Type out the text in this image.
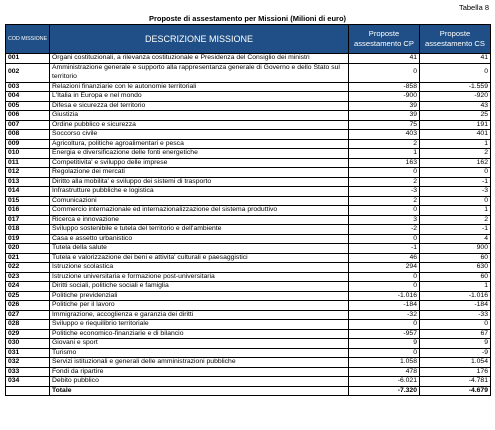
Tabella 8
Proposte di assestamento per Missioni (Milioni di euro)
COD MISSIONE	DESCRIZIONE MISSIONE	Proposte assestamento CP	Proposte assestamento CS
001	Organi costituzionali, a rilevanza costituzionale e Presidenza del Consiglio dei ministri	41	41
002	Amministrazione generale e supporto alla rappresentanza generale di Governo e dello Stato sul territorio	0	0
003	Relazioni finanziarie con le autonomie territoriali	-858	-1.559
004	L'Italia in Europa e nel mondo	-900	-920
005	Difesa e sicurezza del territorio	39	43
006	Giustizia	39	25
007	Ordine pubblico e sicurezza	75	191
008	Soccorso civile	403	401
009	Agricoltura, politiche agroalimentari e pesca	2	1
010	Energia e diversificazione delle fonti energetiche	1	2
011	Competitivita' e sviluppo delle imprese	163	162
012	Regolazione dei mercati	0	0
013	Diritto alla mobilita' e sviluppo dei sistemi di trasporto	2	-1
014	Infrastrutture pubbliche e logistica	-3	-3
015	Comunicazioni	2	0
016	Commercio internazionale ed internazionalizzazione del sistema produttivo	0	1
017	Ricerca e innovazione	3	2
018	Sviluppo sostenibile e tutela del territorio e dell'ambiente	-2	-1
019	Casa e assetto urbanistico	0	4
020	Tutela della salute	-1	900
021	Tutela e valorizzazione dei beni e attivita' culturali e paesaggistici	46	60
022	Istruzione scolastica	294	630
023	Istruzione universitaria e formazione post-universitaria	0	60
024	Diritti sociali, politiche sociali e famiglia	0	1
025	Politiche previdenziali	-1.016	-1.016
026	Politiche per il lavoro	-184	-184
027	Immigrazione, accoglienza e garanzia dei diritti	-32	-33
028	Sviluppo e riequilibrio territoriale	0	0
029	Politiche economico-finanziarie e di bilancio	-957	67
030	Giovani e sport	9	9
031	Turismo	0	-9
032	Servizi istituzionali e generali delle amministrazioni pubbliche	1.058	1.054
033	Fondi da ripartire	478	176
034	Debito pubblico	-6.021	-4.781
	Totale	-7.320	-4.679
